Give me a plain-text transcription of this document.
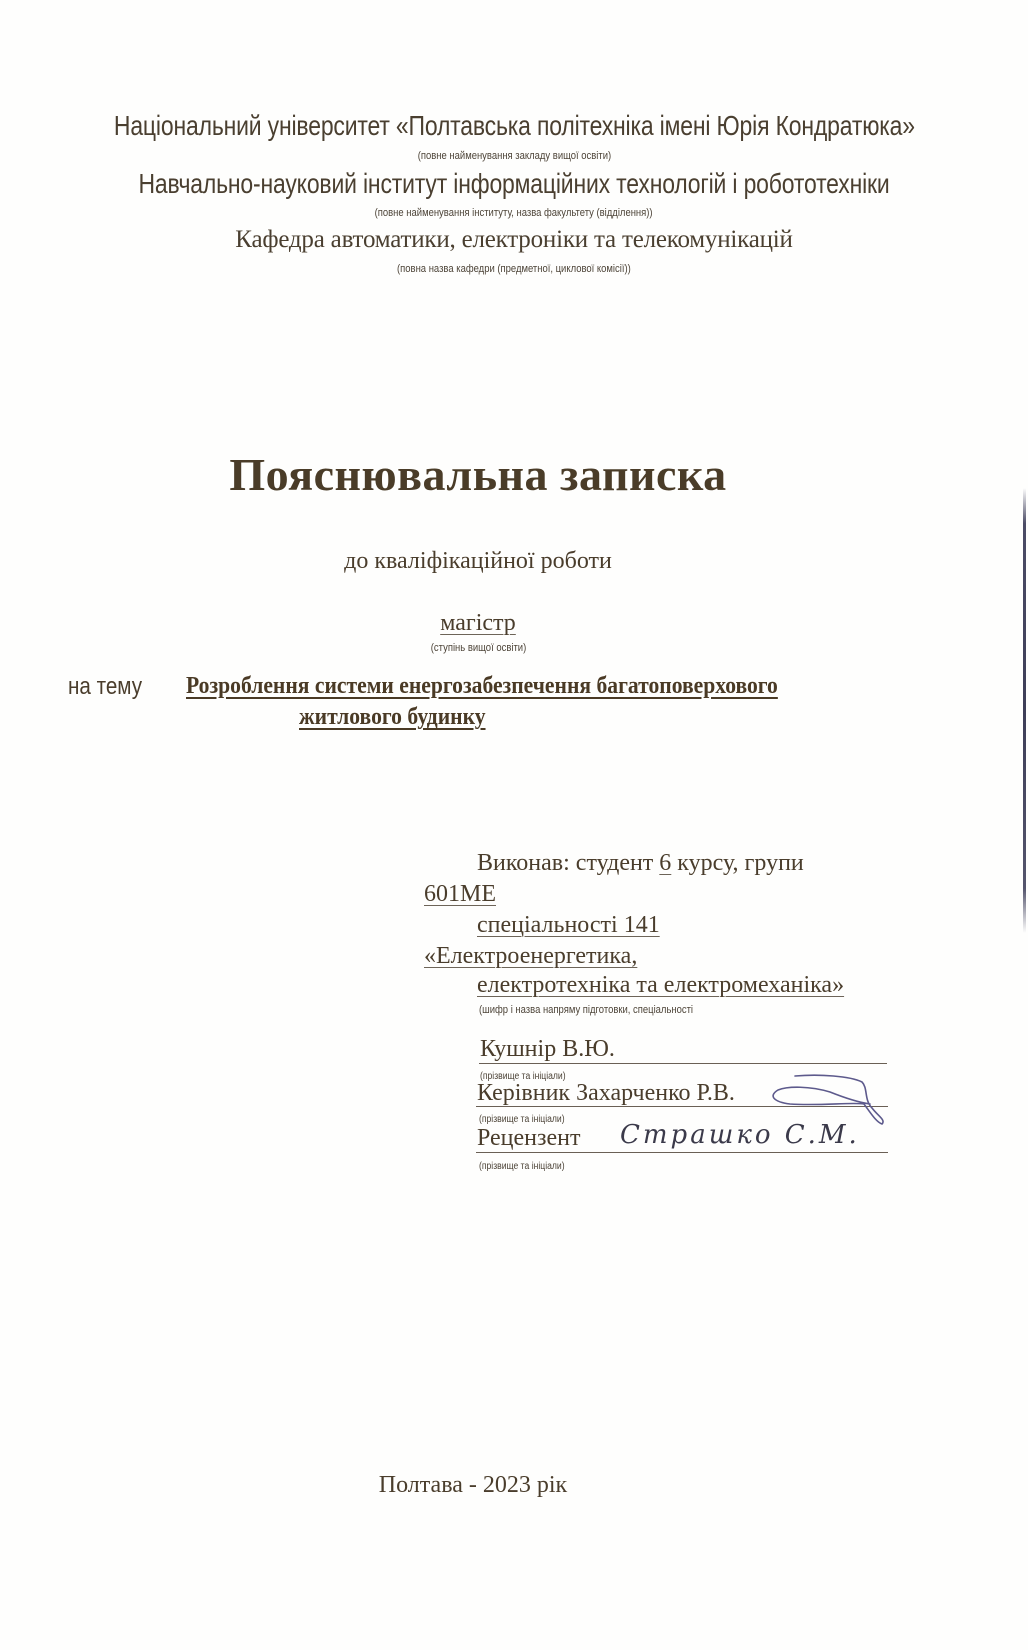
Національний університет «Полтавська політехніка імені Юрія Кондратюка»
(повне найменування закладу вищої освіти)
Навчально-науковий інститут інформаційних технологій і робототехніки
(повне найменування інституту, назва факультету (відділення))
Кафедра автоматики, електроніки та телекомунікацій
(повна назва кафедри (предметної, циклової комісії))
Пояснювальна записка
до кваліфікаційної роботи
магістр
(ступінь вищої освіти)
на тему	Розроблення системи енергозабезпечення багатоповерхового
житлового будинку
Виконав: студент 6 курсу, групи
601МЕ
спеціальності 141
«Електроенергетика,
електротехніка та електромеханіка»
(шифр і назва напряму підготовки, спеціальності
Кушнір В.Ю.
(прізвище та ініціали)
Керівник Захарченко Р.В.
(прізвище та ініціали)
Рецензент Страшко С.М.
(прізвище та ініціали)
Полтава - 2023 рік
